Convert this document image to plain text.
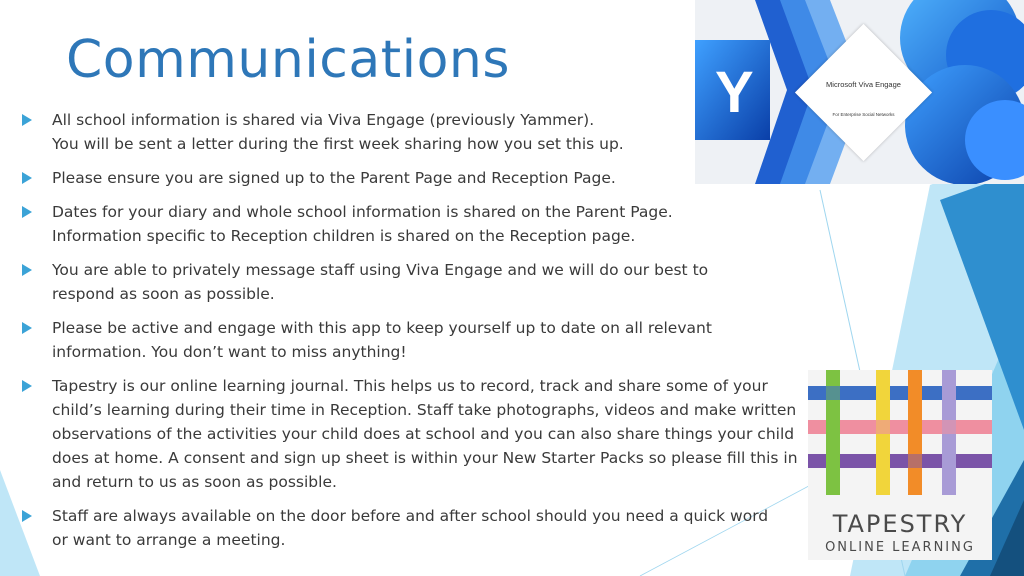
Communications
All school information is shared via Viva Engage (previously Yammer).
You will be sent a letter during the first week sharing how you set this up.
Please ensure you are signed up to the Parent Page and Reception Page.
Dates for your diary and whole school information is shared on the Parent Page.
Information specific to Reception children is shared on the Reception page.
You are able to privately message staff using Viva Engage and we will do our best to respond as soon as possible.
Please be active and engage with this app to keep yourself up to date on all relevant information. You don’t want to miss anything!
Tapestry is our online learning journal. This helps us to record, track and share some of your child’s learning during their time in Reception. Staff take photographs, videos and make written observations of the activities your child does at school and you can also share things your child does at home. A consent and sign up sheet is within your New Starter Packs so please fill this in and return to us as soon as possible.
Staff are always available on the door before and after school should you need a quick word or want to arrange a meeting.
Y	Microsoft Viva Engage
For Enterprise Social Networks
TAPESTRY
ONLINE LEARNING
